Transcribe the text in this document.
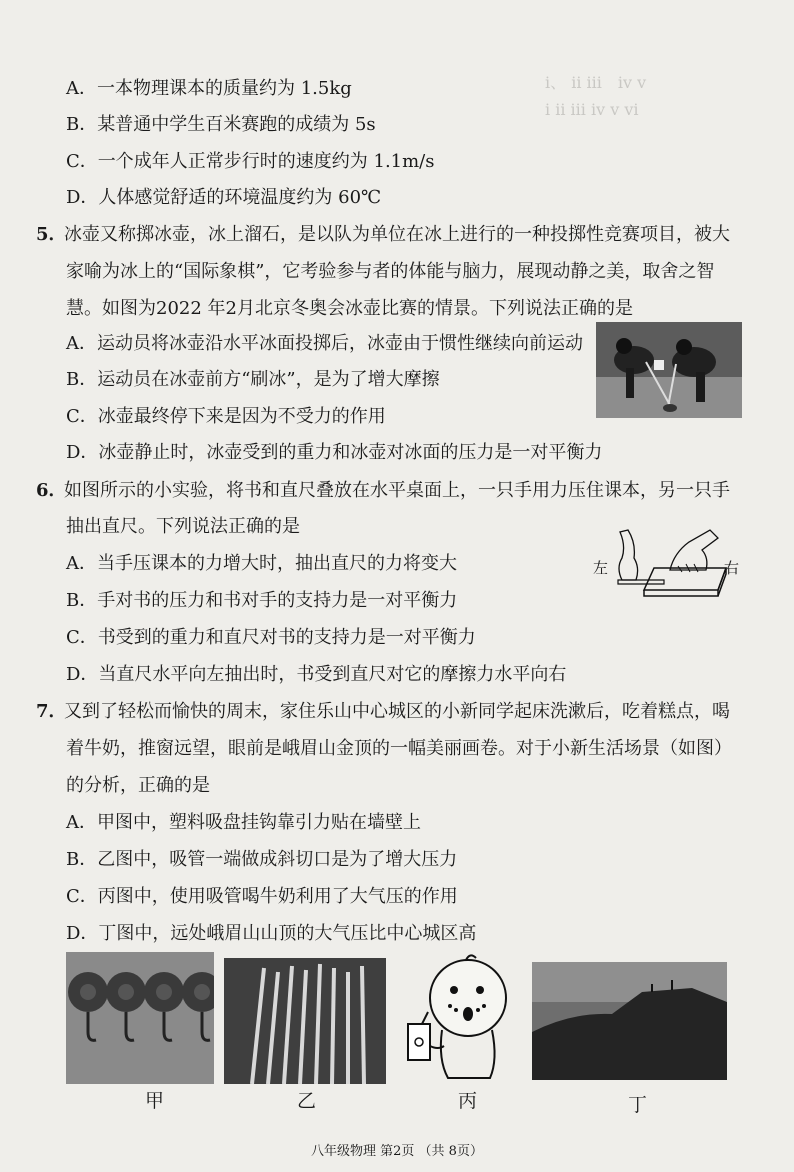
ⅰ、 ⅱ ⅲ　ⅳ ⅴ
ⅰ ⅱ ⅲ ⅳ ⅴ ⅵ
A．一本物理课本的质量约为 1.5kg
B．某普通中学生百米赛跑的成绩为 5s
C．一个成年人正常步行时的速度约为 1.1m/s
D．人体感觉舒适的环境温度约为 60℃
5．
冰壶又称掷冰壶，冰上溜石，是以队为单位在冰上进行的一种投掷性竞赛项目，被大
家喻为冰上的“国际象棋”，它考验参与者的体能与脑力，展现动静之美，取舍之智
慧。如图为2022 年2月北京冬奥会冰壶比赛的情景。下列说法正确的是
A．运动员将冰壶沿水平冰面投掷后，冰壶由于惯性继续向前运动
B．运动员在冰壶前方“刷冰”，是为了增大摩擦
C．冰壶最终停下来是因为不受力的作用
D．冰壶静止时，冰壶受到的重力和冰壶对冰面的压力是一对平衡力
6．
如图所示的小实验，将书和直尺叠放在水平桌面上，一只手用力压住课本，另一只手
抽出直尺。下列说法正确的是
A．当手压课本的力增大时，抽出直尺的力将变大
B．手对书的压力和书对手的支持力是一对平衡力
C．书受到的重力和直尺对书的支持力是一对平衡力
D．当直尺水平向左抽出时，书受到直尺对它的摩擦力水平向右
左	右
7．
又到了轻松而愉快的周末，家住乐山中心城区的小新同学起床洗漱后，吃着糕点，喝
着牛奶，推窗远望，眼前是峨眉山金顶的一幅美丽画卷。对于小新生活场景（如图）
的分析，正确的是
A．甲图中，塑料吸盘挂钩靠引力贴在墙壁上
B．乙图中，吸管一端做成斜切口是为了增大压力
C．丙图中，使用吸管喝牛奶利用了大气压的作用
D．丁图中，远处峨眉山山顶的大气压比中心城区高
甲	乙	丙	丁
八年级物理 第2页 （共 8页）
